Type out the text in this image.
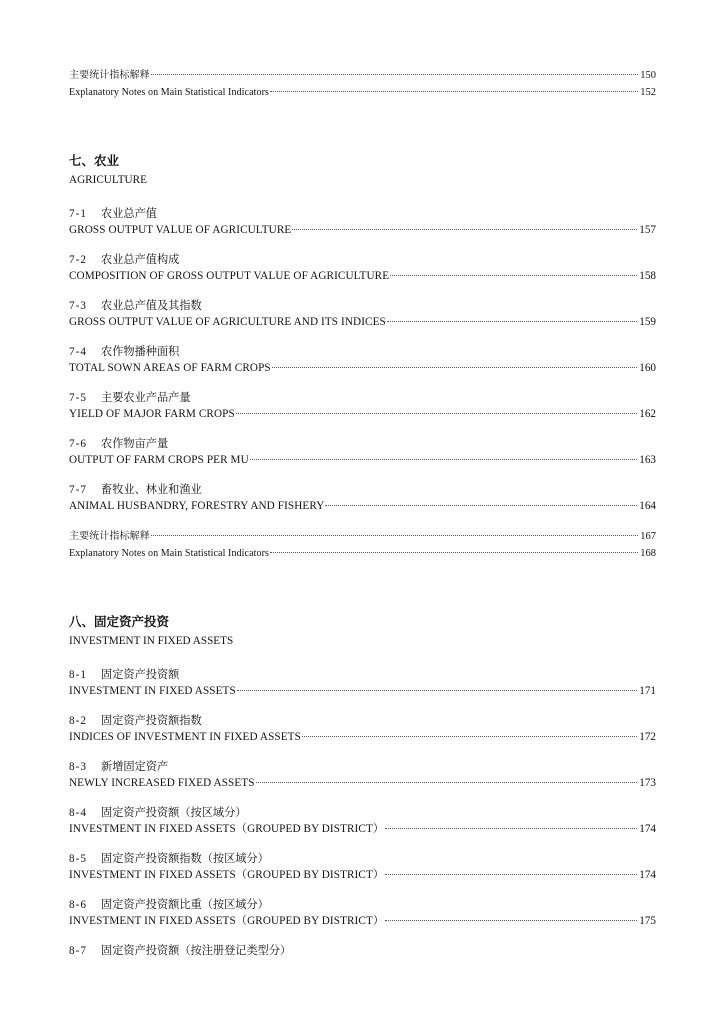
主要统计指标解释	150
Explanatory Notes on Main Statistical Indicators	152
七、农业
AGRICULTURE
7-1 农业总产值
GROSS OUTPUT VALUE OF AGRICULTURE	157
7-2 农业总产值构成
COMPOSITION OF GROSS OUTPUT VALUE OF AGRICULTURE	158
7-3 农业总产值及其指数
GROSS OUTPUT VALUE OF AGRICULTURE AND ITS INDICES	159
7-4 农作物播种面积
TOTAL SOWN AREAS OF FARM CROPS	160
7-5 主要农业产品产量
YIELD OF MAJOR FARM CROPS	162
7-6 农作物亩产量
OUTPUT OF FARM CROPS PER MU	163
7-7 畜牧业、林业和渔业
ANIMAL HUSBANDRY, FORESTRY AND FISHERY	164
主要统计指标解释	167
Explanatory Notes on Main Statistical Indicators	168
八、固定资产投资
INVESTMENT IN FIXED ASSETS
8-1 固定资产投资额
INVESTMENT IN FIXED ASSETS	171
8-2 固定资产投资额指数
INDICES OF INVESTMENT IN FIXED ASSETS	172
8-3 新增固定资产
NEWLY INCREASED FIXED ASSETS	173
8-4 固定资产投资额（按区域分）
INVESTMENT IN FIXED ASSETS（GROUPED BY DISTRICT）	174
8-5 固定资产投资额指数（按区域分）
INVESTMENT IN FIXED ASSETS（GROUPED BY DISTRICT）	174
8-6 固定资产投资额比重（按区域分）
INVESTMENT IN FIXED ASSETS（GROUPED BY DISTRICT）	175
8-7 固定资产投资额（按注册登记类型分）
